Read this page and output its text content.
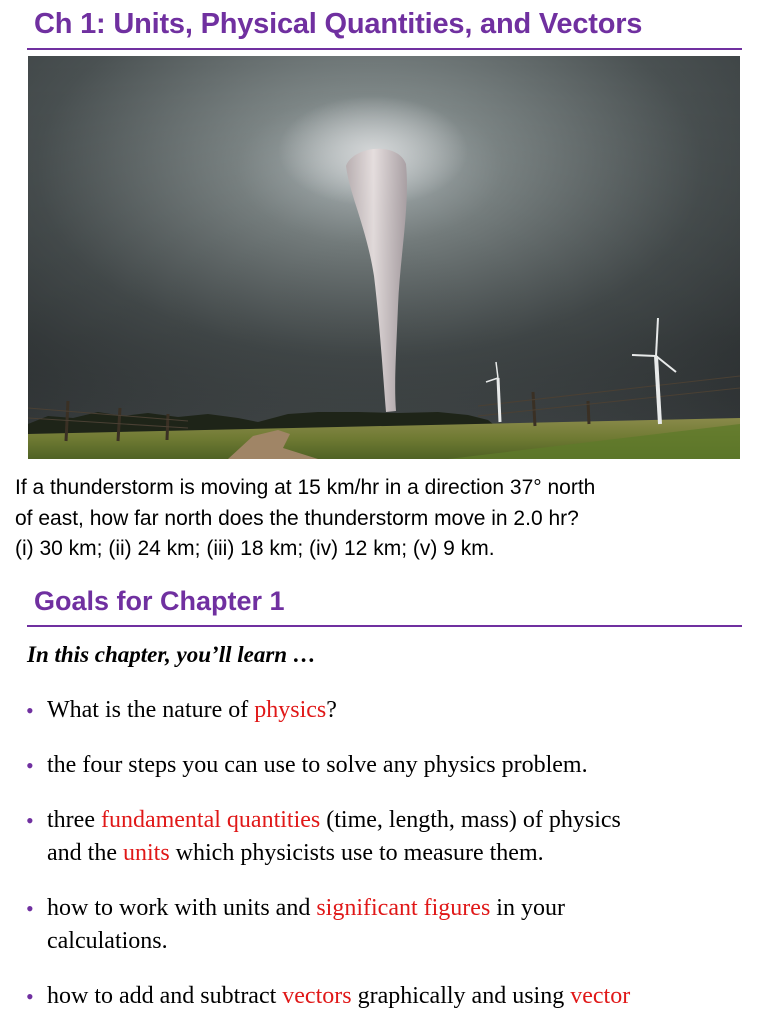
Ch 1: Units, Physical Quantities, and Vectors
If a thunderstorm is moving at 15 km/hr in a direction 37° north
of east, how far north does the thunderstorm move in 2.0 hr?
(i) 30 km; (ii) 24 km; (iii) 18 km; (iv) 12 km; (v) 9 km.
Goals for Chapter 1
In this chapter, you’ll learn …
• What is the nature of physics?
• the four steps you can use to solve any physics problem.
• three fundamental quantities (time, length, mass) of physics
and the units which physicists use to measure them.
• how to work with units and significant figures in your
calculations.
• how to add and subtract vectors graphically and using vector
